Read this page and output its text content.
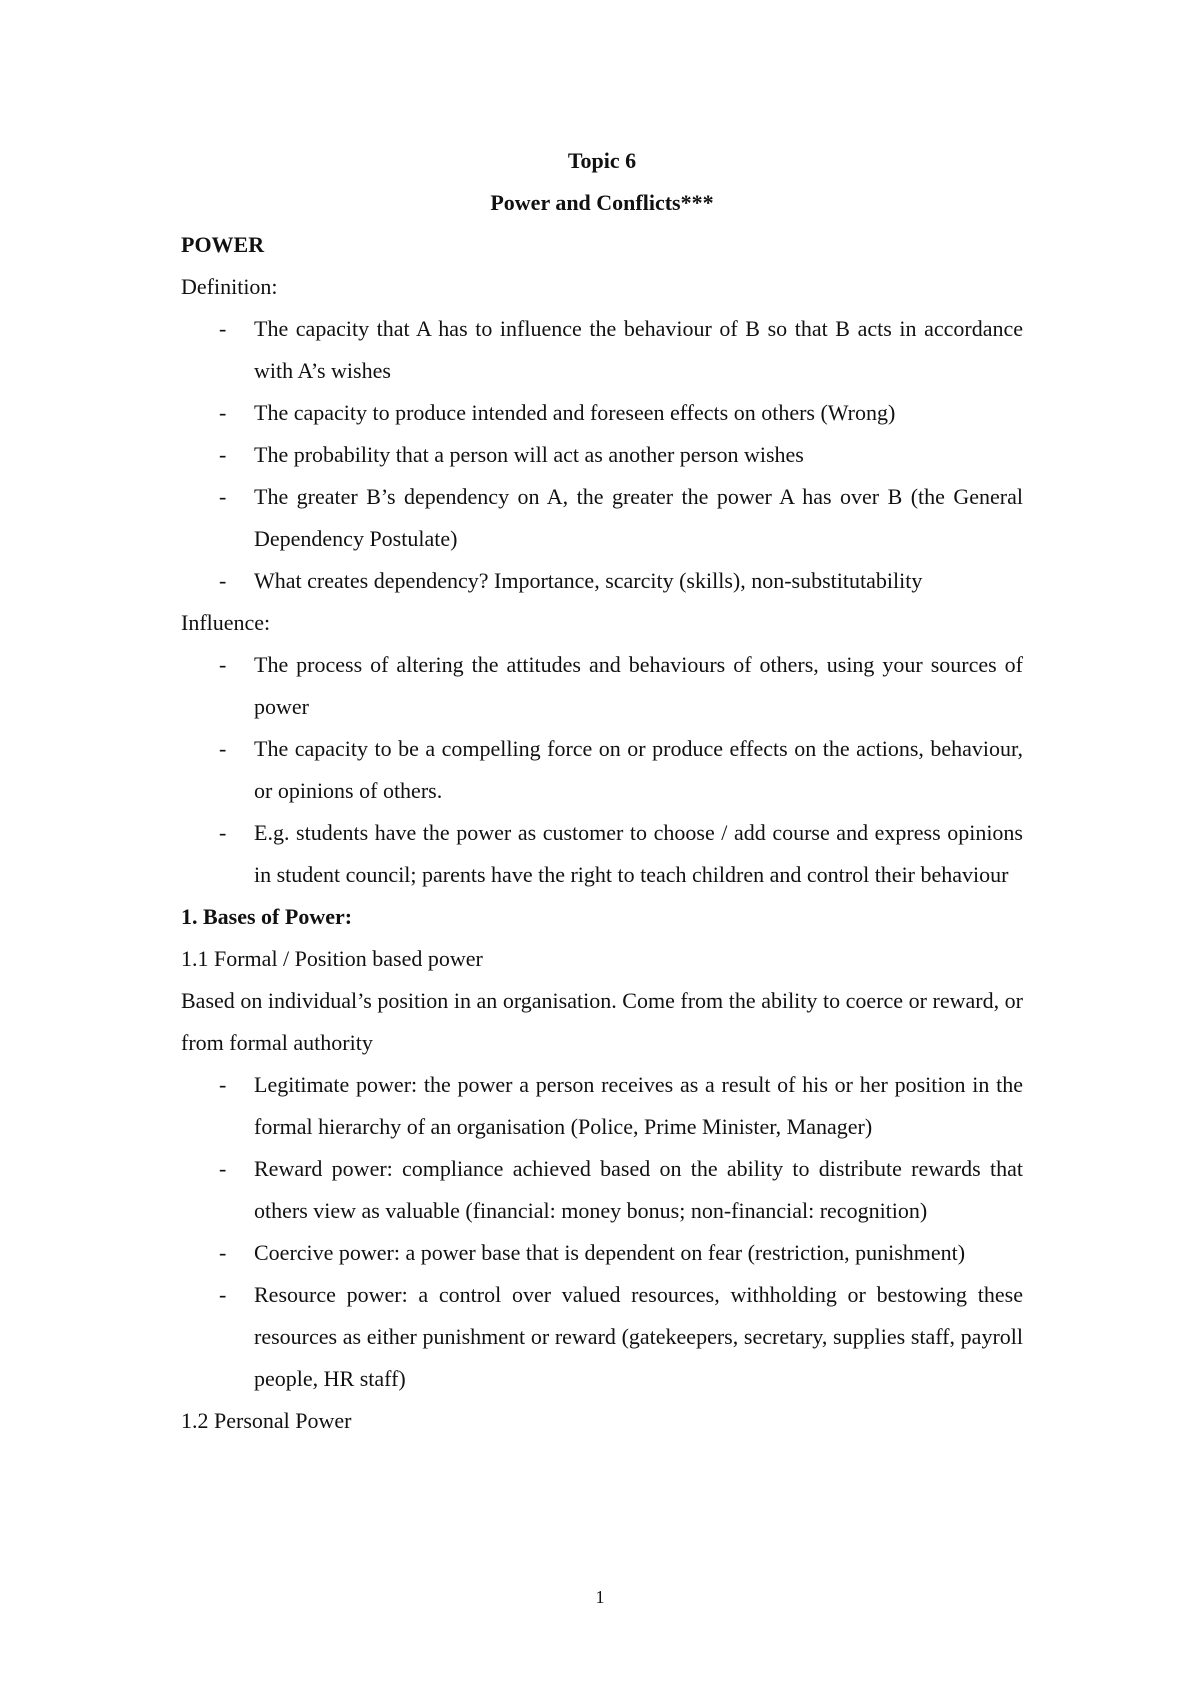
Topic 6
Power and Conflicts***
POWER
Definition:
- The capacity that A has to influence the behaviour of B so that B acts in accordance with A’s wishes
- The capacity to produce intended and foreseen effects on others (Wrong)
- The probability that a person will act as another person wishes
- The greater B’s dependency on A, the greater the power A has over B (the General Dependency Postulate)
- What creates dependency? Importance, scarcity (skills), non-substitutability
Influence:
- The process of altering the attitudes and behaviours of others, using your sources of power
- The capacity to be a compelling force on or produce effects on the actions, behaviour, or opinions of others.
- E.g. students have the power as customer to choose / add course and express opinions in student council; parents have the right to teach children and control their behaviour
1. Bases of Power:
1.1 Formal / Position based power

Based on individual’s position in an organisation. Come from the ability to coerce or reward, or from formal authority

- Legitimate power: the power a person receives as a result of his or her position in the formal hierarchy of an organisation (Police, Prime Minister, Manager)
- Reward power: compliance achieved based on the ability to distribute rewards that others view as valuable (financial: money bonus; non-financial: recognition)
- Coercive power: a power base that is dependent on fear (restriction, punishment)
- Resource power: a control over valued resources, withholding or bestowing these resources as either punishment or reward (gatekeepers, secretary, supplies staff, payroll people, HR staff)
1.2 Personal Power
1
